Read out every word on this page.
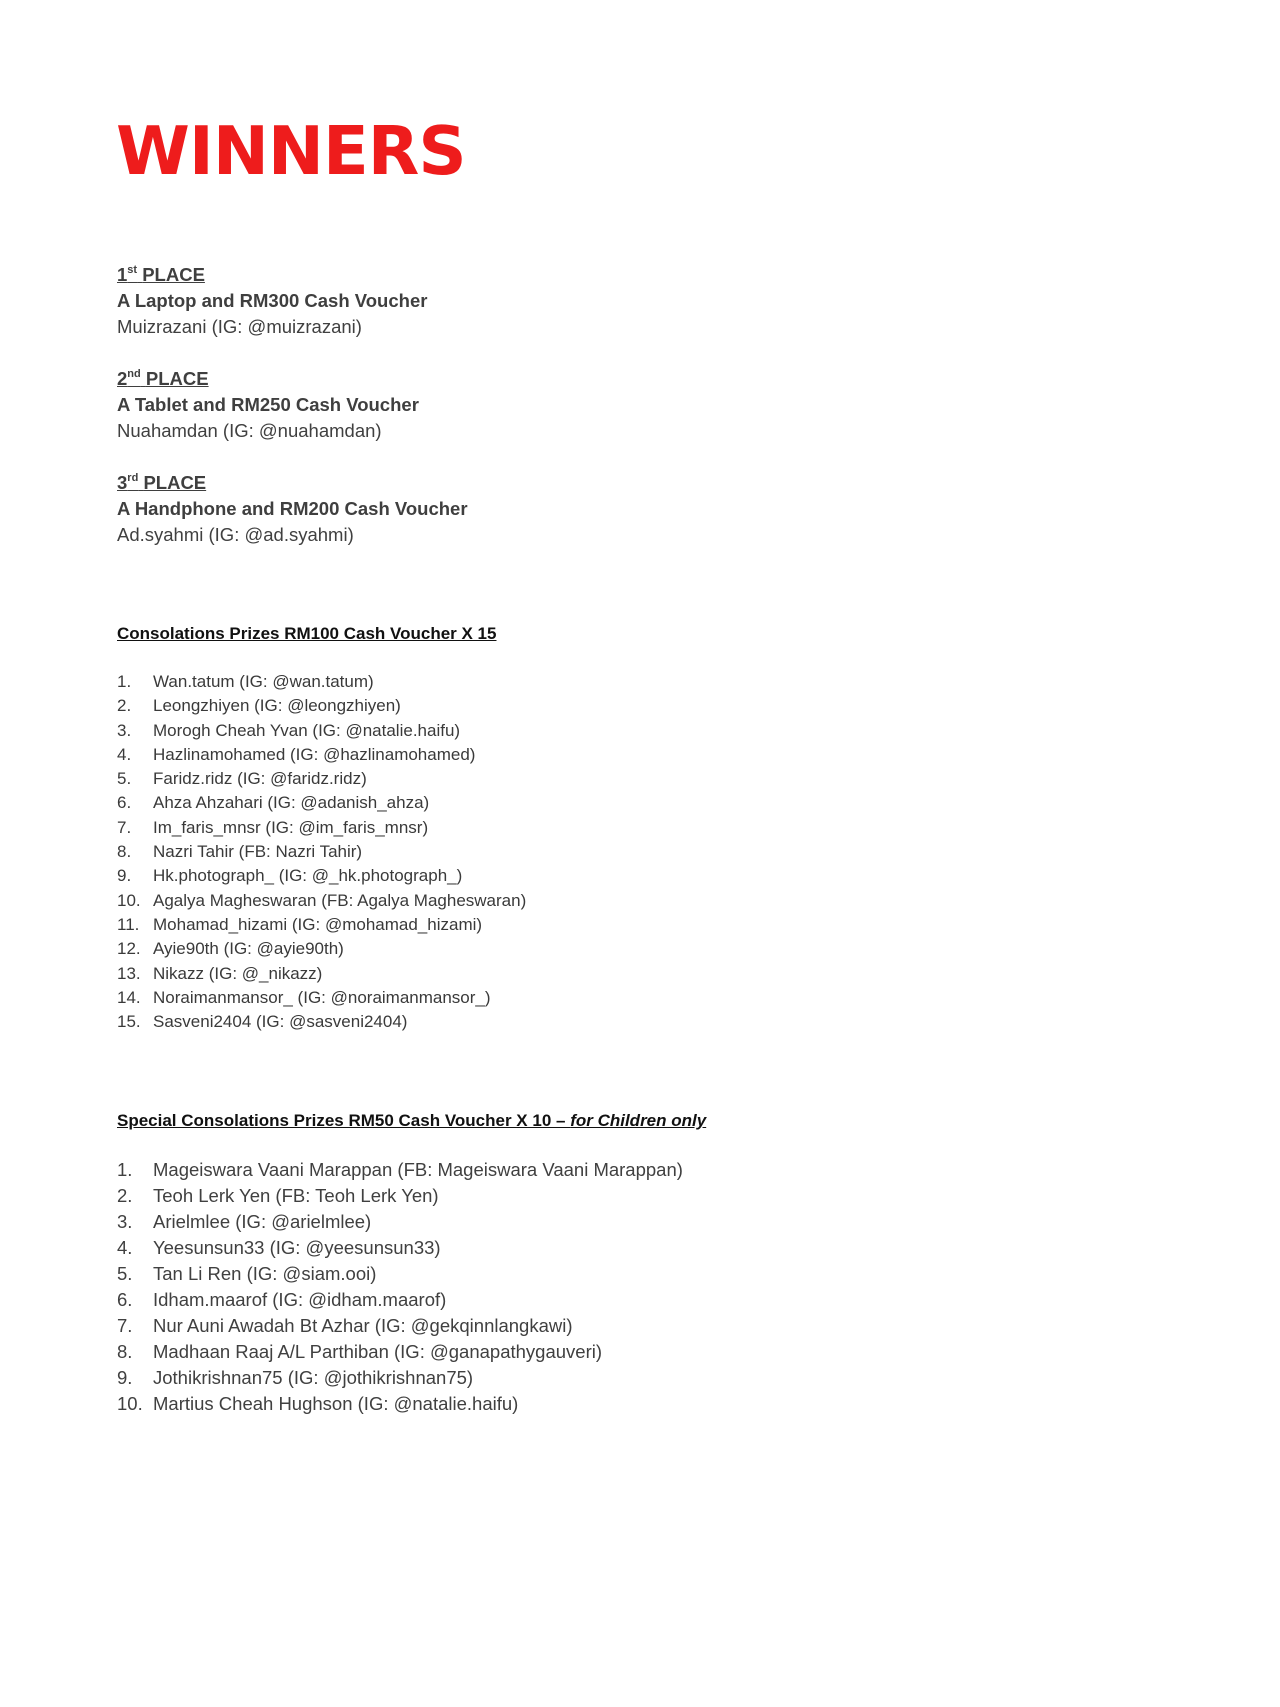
WINNERS
1st PLACE
A Laptop and RM300 Cash Voucher
Muizrazani (IG: @muizrazani)
2nd PLACE
A Tablet and RM250 Cash Voucher
Nuahamdan (IG: @nuahamdan)
3rd PLACE
A Handphone and RM200 Cash Voucher
Ad.syahmi (IG: @ad.syahmi)
Consolations Prizes RM100 Cash Voucher X 15
1. Wan.tatum (IG: @wan.tatum)
2. Leongzhiyen (IG: @leongzhiyen)
3. Morogh Cheah Yvan (IG: @natalie.haifu)
4. Hazlinamohamed (IG: @hazlinamohamed)
5. Faridz.ridz (IG: @faridz.ridz)
6. Ahza Ahzahari (IG: @adanish_ahza)
7. Im_faris_mnsr (IG: @im_faris_mnsr)
8. Nazri Tahir (FB: Nazri Tahir)
9. Hk.photograph_ (IG: @_hk.photograph_)
10. Agalya Magheswaran (FB: Agalya Magheswaran)
11. Mohamad_hizami (IG: @mohamad_hizami)
12. Ayie90th (IG: @ayie90th)
13. Nikazz (IG: @_nikazz)
14. Noraimanmansor_ (IG: @noraimanmansor_)
15. Sasveni2404 (IG: @sasveni2404)
Special Consolations Prizes RM50 Cash Voucher X 10 – for Children only
1. Mageiswara Vaani Marappan (FB: Mageiswara Vaani Marappan)
2. Teoh Lerk Yen (FB: Teoh Lerk Yen)
3. Arielmlee (IG: @arielmlee)
4. Yeesunsun33 (IG: @yeesunsun33)
5. Tan Li Ren (IG: @siam.ooi)
6. Idham.maarof (IG: @idham.maarof)
7. Nur Auni Awadah Bt Azhar (IG: @gekqinnlangkawi)
8. Madhaan Raaj A/L Parthiban (IG: @ganapathygauveri)
9. Jothikrishnan75 (IG: @jothikrishnan75)
10. Martius Cheah Hughson (IG: @natalie.haifu)
